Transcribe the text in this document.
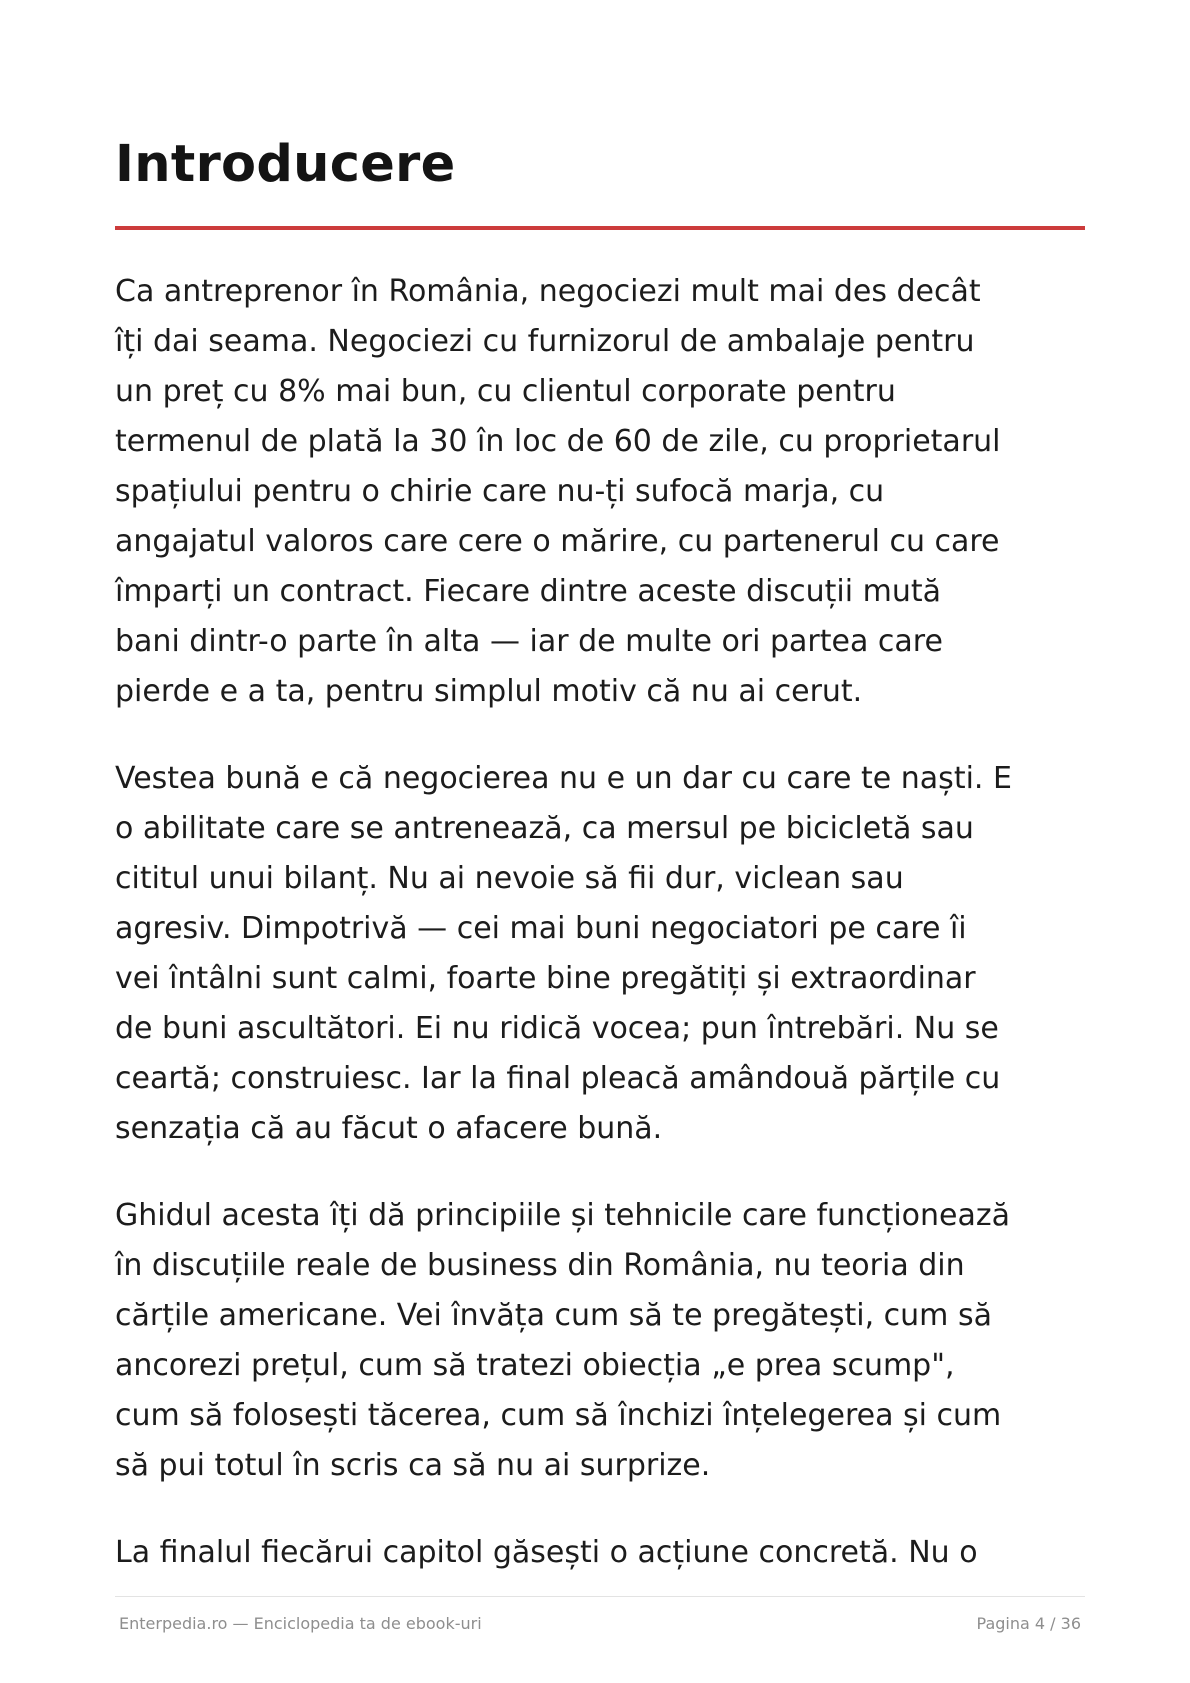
Introducere

Ca antreprenor în România, negociezi mult mai des decât
îți dai seama. Negociezi cu furnizorul de ambalaje pentru
un preț cu 8% mai bun, cu clientul corporate pentru
termenul de plată la 30 în loc de 60 de zile, cu proprietarul
spațiului pentru o chirie care nu-ți sufocă marja, cu
angajatul valoros care cere o mărire, cu partenerul cu care
împarți un contract. Fiecare dintre aceste discuții mută
bani dintr-o parte în alta — iar de multe ori partea care
pierde e a ta, pentru simplul motiv că nu ai cerut.

Vestea bună e că negocierea nu e un dar cu care te naști. E
o abilitate care se antrenează, ca mersul pe bicicletă sau
cititul unui bilanț. Nu ai nevoie să fii dur, viclean sau
agresiv. Dimpotrivă — cei mai buni negociatori pe care îi
vei întâlni sunt calmi, foarte bine pregătiți și extraordinar
de buni ascultători. Ei nu ridică vocea; pun întrebări. Nu se
ceartă; construiesc. Iar la final pleacă amândouă părțile cu
senzația că au făcut o afacere bună.

Ghidul acesta îți dă principiile și tehnicile care funcționează
în discuțiile reale de business din România, nu teoria din
cărțile americane. Vei învăța cum să te pregătești, cum să
ancorezi prețul, cum să tratezi obiecția „e prea scump",
cum să folosești tăcerea, cum să închizi înțelegerea și cum
să pui totul în scris ca să nu ai surprize.

La finalul fiecărui capitol găsești o acțiune concretă. Nu o

Enterpedia.ro — Enciclopedia ta de ebook-uri	Pagina 4 / 36
